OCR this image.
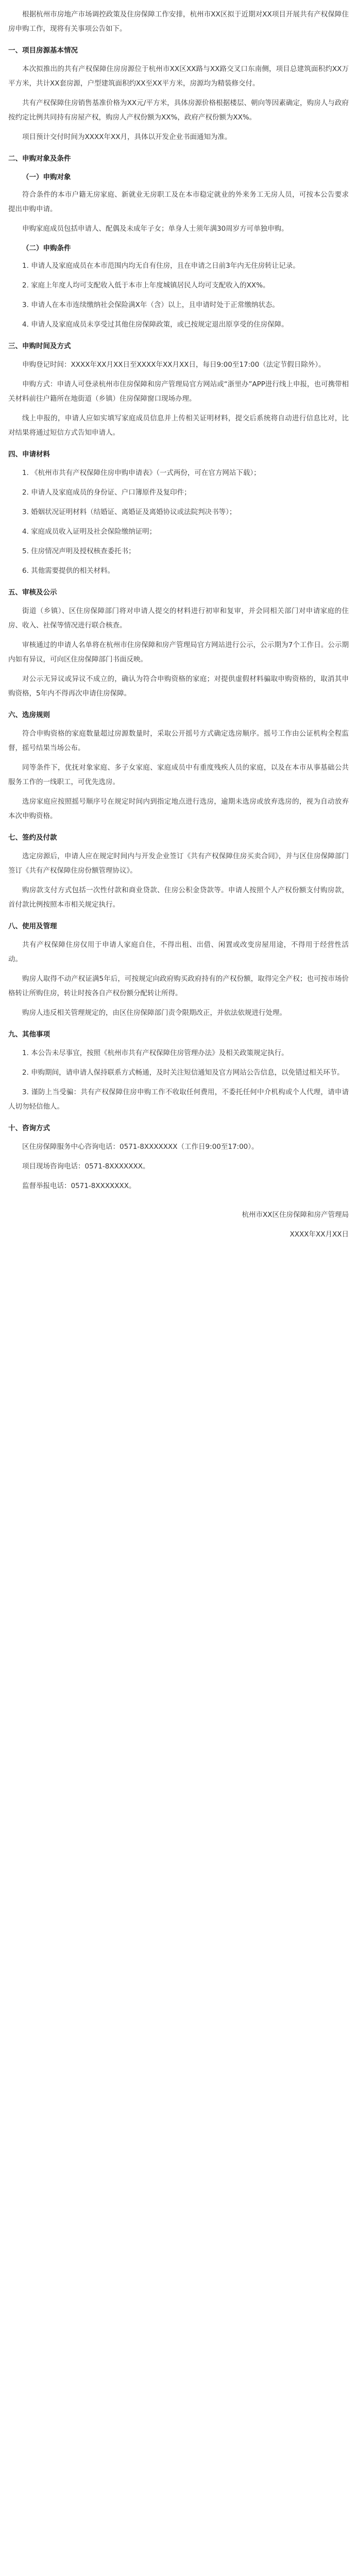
根据杭州市房地产市场调控政策及住房保障工作安排，杭州市XX区拟于近期对XX项目开展共有产权保障住房申购工作，现将有关事项公告如下。

一、项目房源基本情况

本次拟推出的共有产权保障住房房源位于杭州市XX区XX路与XX路交叉口东南侧，项目总建筑面积约XX万平方米，共计XX套房源，户型建筑面积约XX至XX平方米，房源均为精装修交付。

共有产权保障住房销售基准价格为XX元/平方米，具体房源价格根据楼层、朝向等因素确定，购房人与政府按约定比例共同持有房屋产权，购房人产权份额为XX%，政府产权份额为XX%。

项目预计交付时间为XXXX年XX月，具体以开发企业书面通知为准。

二、申购对象及条件
（一）申购对象

符合条件的本市户籍无房家庭、新就业无房职工及在本市稳定就业的外来务工无房人员，可按本公告要求提出申购申请。

申购家庭成员包括申请人、配偶及未成年子女；单身人士须年满30周岁方可单独申购。

（二）申购条件

1. 申请人及家庭成员在本市范围内均无自有住房，且在申请之日前3年内无住房转让记录。

2. 家庭上年度人均可支配收入低于本市上年度城镇居民人均可支配收入的XX%。

3. 申请人在本市连续缴纳社会保险满X年（含）以上，且申请时处于正常缴纳状态。

4. 申请人及家庭成员未享受过其他住房保障政策，或已按规定退出原享受的住房保障。

三、申购时间及方式

申购登记时间：XXXX年XX月XX日至XXXX年XX月XX日，每日9:00至17:00（法定节假日除外）。

申购方式：申请人可登录杭州市住房保障和房产管理局官方网站或“浙里办”APP进行线上申报，也可携带相关材料前往户籍所在地街道（乡镇）住房保障窗口现场办理。

线上申报的，申请人应如实填写家庭成员信息并上传相关证明材料，提交后系统将自动进行信息比对，比对结果将通过短信方式告知申请人。

四、申请材料

1. 《杭州市共有产权保障住房申购申请表》（一式两份，可在官方网站下载）；

2. 申请人及家庭成员的身份证、户口簿原件及复印件；

3. 婚姻状况证明材料（结婚证、离婚证及离婚协议或法院判决书等）；

4. 家庭成员收入证明及社会保险缴纳证明；

5. 住房情况声明及授权核查委托书；

6. 其他需要提供的相关材料。

五、审核及公示

街道（乡镇）、区住房保障部门将对申请人提交的材料进行初审和复审，并会同相关部门对申请家庭的住房、收入、社保等情况进行联合核查。

审核通过的申请人名单将在杭州市住房保障和房产管理局官方网站进行公示，公示期为7个工作日。公示期内如有异议，可向区住房保障部门书面反映。

对公示无异议或异议不成立的，确认为符合申购资格的家庭；对提供虚假材料骗取申购资格的，取消其申购资格，5年内不得再次申请住房保障。

六、选房规则

符合申购资格的家庭数量超过房源数量时，采取公开摇号方式确定选房顺序。摇号工作由公证机构全程监督，摇号结果当场公布。

同等条件下，优抚对象家庭、多子女家庭、家庭成员中有重度残疾人员的家庭，以及在本市从事基础公共服务工作的一线职工，可优先选房。

选房家庭应按照摇号顺序号在规定时间内到指定地点进行选房，逾期未选房或放弃选房的，视为自动放弃本次申购资格。

七、签约及付款

选定房源后，申请人应在规定时间内与开发企业签订《共有产权保障住房买卖合同》，并与区住房保障部门签订《共有产权保障住房份额管理协议》。

购房款支付方式包括一次性付款和商业贷款、住房公积金贷款等。申请人按照个人产权份额支付购房款，首付款比例按照本市相关规定执行。

八、使用及管理

共有产权保障住房仅用于申请人家庭自住，不得出租、出借、闲置或改变房屋用途，不得用于经营性活动。

购房人取得不动产权证满5年后，可按规定向政府购买政府持有的产权份额，取得完全产权；也可按市场价格转让所购住房，转让时按各自产权份额分配转让所得。

购房人违反相关管理规定的，由区住房保障部门责令限期改正，并依法依规进行处理。

九、其他事项

1. 本公告未尽事宜，按照《杭州市共有产权保障住房管理办法》及相关政策规定执行。

2. 申购期间，请申请人保持联系方式畅通，及时关注短信通知及官方网站公告信息，以免错过相关环节。

3. 谨防上当受骗：共有产权保障住房申购工作不收取任何费用，不委托任何中介机构或个人代理，请申请人切勿轻信他人。

十、咨询方式

区住房保障服务中心咨询电话：0571-8XXXXXXX（工作日9:00至17:00）。

项目现场咨询电话：0571-8XXXXXXX。

监督举报电话：0571-8XXXXXXX。

杭州市XX区住房保障和房产管理局

XXXX年XX月XX日
